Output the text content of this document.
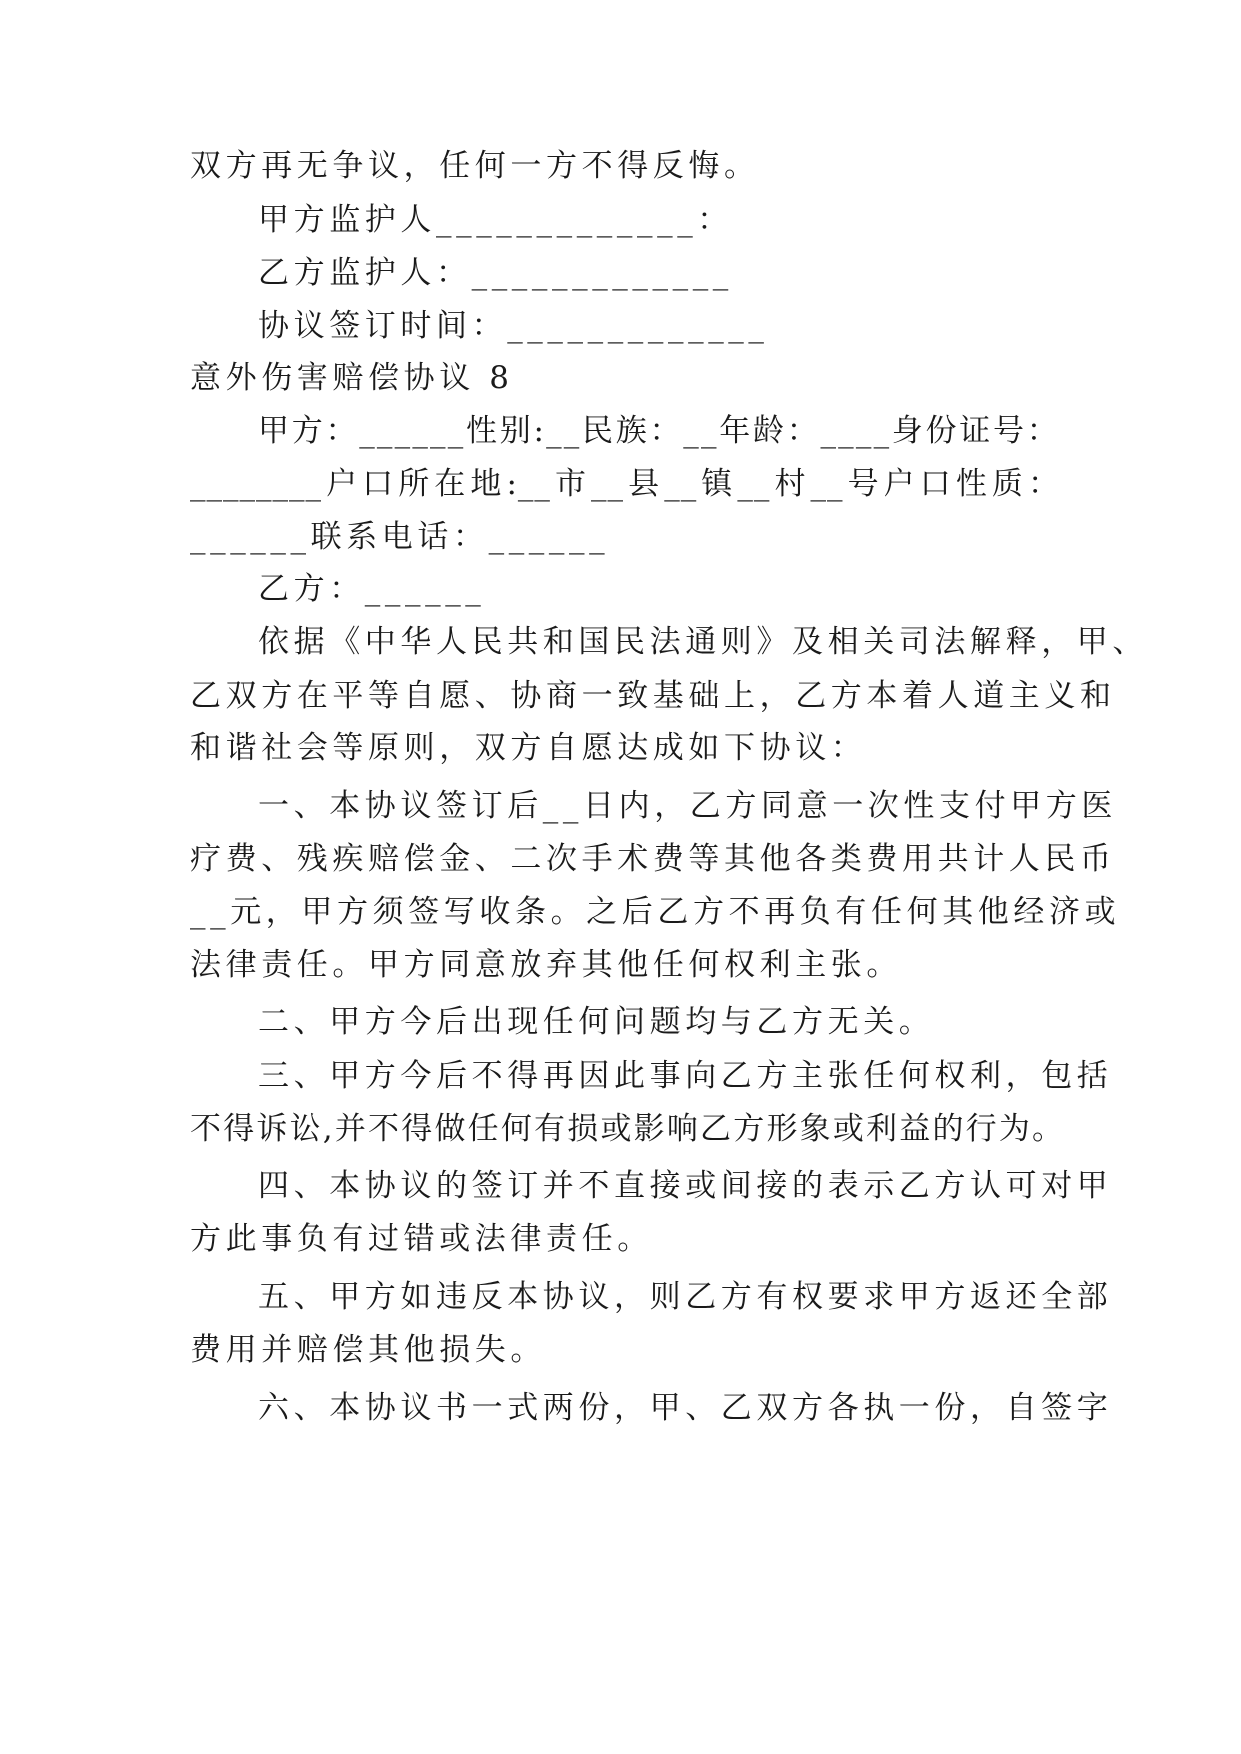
双方再无争议，任何一方不得反悔。
甲方监护人_____________：
乙方监护人：_____________
协议签订时间：_____________
意外伤害赔偿协议 8
甲方：______性别:__民族：__年龄：____身份证号：
________户口所在地:__市__县__镇__村__号户口性质：
______联系电话：______
乙方：______
依据《中华人民共和国民法通则》及相关司法解释，甲、
乙双方在平等自愿、协商一致基础上，乙方本着人道主义和
和谐社会等原则，双方自愿达成如下协议：
一、本协议签订后__日内，乙方同意一次性支付甲方医
疗费、残疾赔偿金、二次手术费等其他各类费用共计人民币
__元，甲方须签写收条。之后乙方不再负有任何其他经济或
法律责任。甲方同意放弃其他任何权利主张。
二、甲方今后出现任何问题均与乙方无关。
三、甲方今后不得再因此事向乙方主张任何权利，包括
不得诉讼,并不得做任何有损或影响乙方形象或利益的行为。
四、本协议的签订并不直接或间接的表示乙方认可对甲
方此事负有过错或法律责任。
五、甲方如违反本协议，则乙方有权要求甲方返还全部
费用并赔偿其他损失。
六、本协议书一式两份，甲、乙双方各执一份，自签字
